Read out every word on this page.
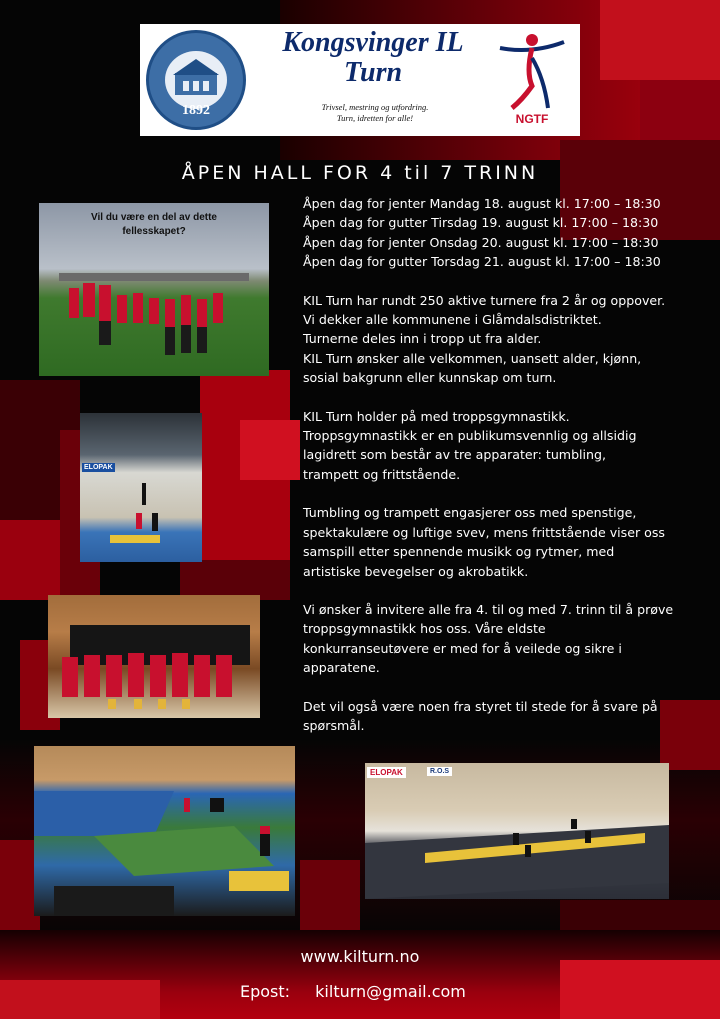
1892
Kongsvinger IL
Turn
Trivsel, mestring og utfordring.
Turn, idretten for alle!	NGTF
ÅPEN HALL FOR 4 til 7 TRINN
Åpen dag for jenter Mandag 18. august kl. 17:00 – 18:30
Åpen dag for gutter Tirsdag 19. august kl. 17:00 – 18:30
Åpen dag for jenter Onsdag 20. august kl. 17:00 – 18:30
Åpen dag for gutter Torsdag 21. august kl. 17:00 – 18:30
KIL Turn har rundt 250 aktive turnere fra 2 år og oppover.
Vi dekker alle kommunene i Glåmdalsdistriktet.
Turnerne deles inn i tropp ut fra alder.
KIL Turn ønsker alle velkommen, uansett alder, kjønn,
sosial bakgrunn eller kunnskap om turn.
KIL Turn holder på med troppsgymnastikk.
Troppsgymnastikk er en publikumsvennlig og allsidig
lagidrett som består av tre apparater: tumbling,
trampett og frittstående.
Tumbling og trampett engasjerer oss med spenstige,
spektakulære og luftige svev, mens frittstående viser oss
samspill etter spennende musikk og rytmer, med
artistiske bevegelser og akrobatikk.
Vi ønsker å invitere alle fra 4. til og med 7. trinn til å prøve
troppsgymnastikk hos oss. Våre eldste
konkurranseutøvere er med for å veilede og sikre i
apparatene.
Det vil også være noen fra styret til stede for å svare på
spørsmål.
Vil du være en del av dette
fellesskapet?
ELOPAK
ELOPAK	R.O.S
www.kilturn.no
Epost: kilturn@gmail.com
